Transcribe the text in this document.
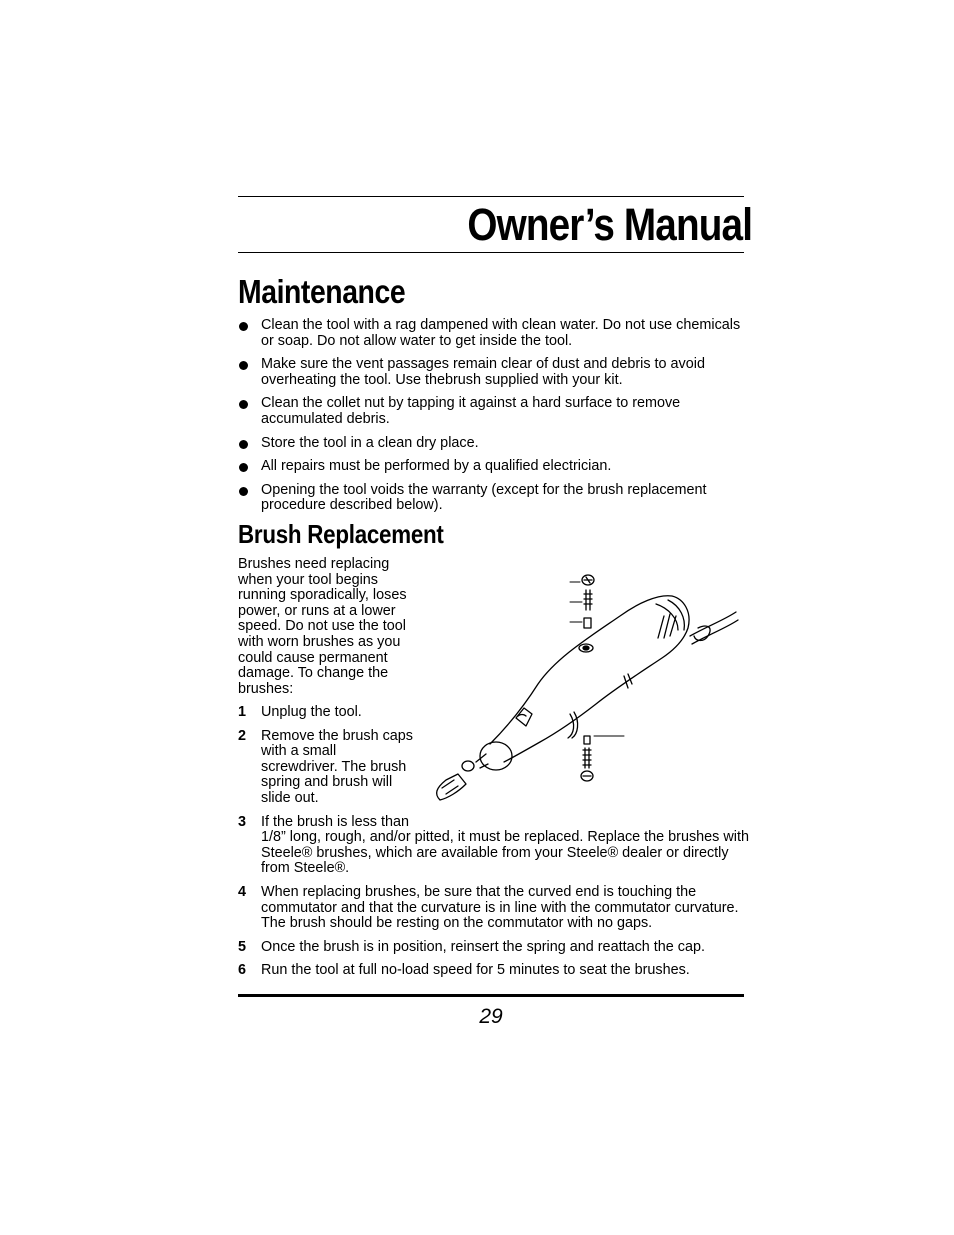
Owner’s Manual
Maintenance
Clean the tool with a rag dampened with clean water. Do not use chemicals or soap. Do not allow water to get inside the tool.
Make sure the vent passages remain clear of dust and debris to avoid overheating the tool. Use thebrush supplied with your kit.
Clean the collet nut by tapping it against a hard surface to remove accumulated debris.
Store the tool in a clean dry place.
All repairs must be performed by a qualified electrician.
Opening the tool voids the warranty (except for the brush replacement procedure described below).
Brush Replacement

Brushes need replacing when your tool begins running sporadically, loses power, or runs at a lower speed. Do not use the tool with worn brushes as you could cause permanent damage. To change the brushes:

1 Unplug the tool.
2 Remove the brush caps with a small screwdriver. The brush spring and brush will slide out.
3 If the brush is less than
1/8” long, rough, and/or pitted, it must be replaced. Replace the brushes with Steele® brushes, which are available from your Steele® dealer or directly from Steele®.
4 When replacing brushes, be sure that the curved end is touching the commutator and that the curvature is in line with the commutator curvature. The brush should be resting on the commutator with no gaps.
5 Once the brush is in position, reinsert the spring and reattach the cap.
6 Run the tool at full no-load speed for 5 minutes to seat the brushes.
29
